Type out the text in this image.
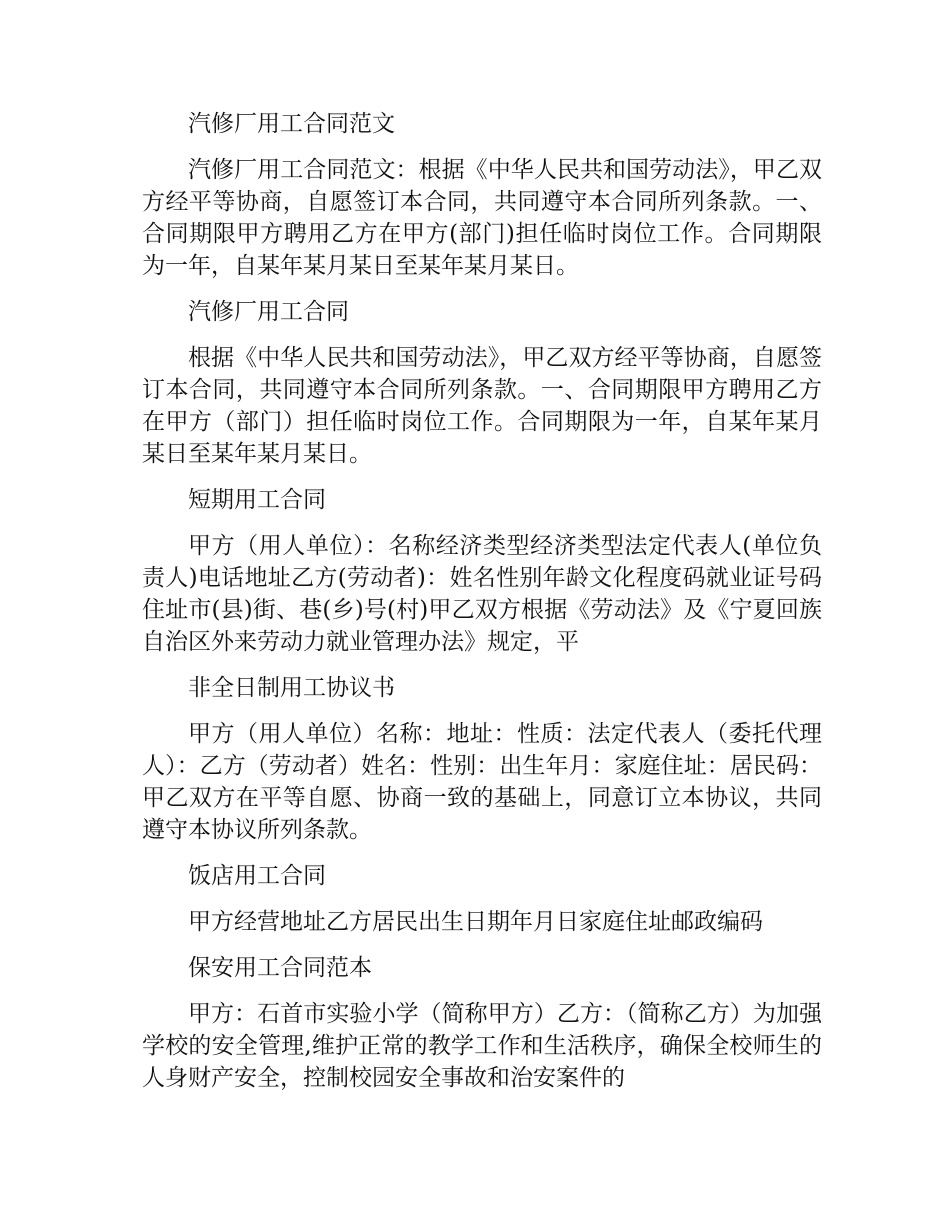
汽修厂用工合同范文

汽修厂用工合同范文：根据《中华人民共和国劳动法》，甲乙双方经平等协商，自愿签订本合同，共同遵守本合同所列条款。一、合同期限甲方聘用乙方在甲方(部门)担任临时岗位工作。合同期限为一年，自某年某月某日至某年某月某日。

汽修厂用工合同

根据《中华人民共和国劳动法》，甲乙双方经平等协商，自愿签订本合同，共同遵守本合同所列条款。一、合同期限甲方聘用乙方在甲方（部门）担任临时岗位工作。合同期限为一年，自某年某月某日至某年某月某日。

短期用工合同

甲方（用人单位）：名称经济类型经济类型法定代表人(单位负责人)电话地址乙方(劳动者)：姓名性别年龄文化程度码就业证号码住址市(县)街、巷(乡)号(村)甲乙双方根据《劳动法》及《宁夏回族自治区外来劳动力就业管理办法》规定，平

非全日制用工协议书

甲方（用人单位）名称：地址：性质：法定代表人（委托代理人）：乙方（劳动者）姓名：性别：出生年月：家庭住址：居民码：甲乙双方在平等自愿、协商一致的基础上，同意订立本协议，共同遵守本协议所列条款。

饭店用工合同

甲方经营地址乙方居民出生日期年月日家庭住址邮政编码

保安用工合同范本

甲方：石首市实验小学（简称甲方）乙方：（简称乙方）为加强学校的安全管理,维护正常的教学工作和生活秩序，确保全校师生的人身财产安全，控制校园安全事故和治安案件的
